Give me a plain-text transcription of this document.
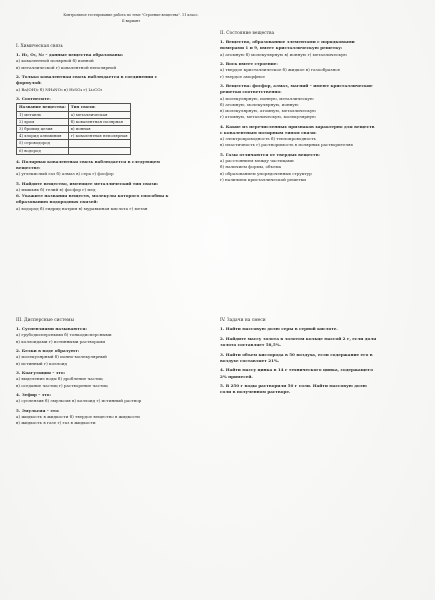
Контрольное тестирование работа по теме "Строение вещества". 11 класс.
II вариант

I. Химическая связь

1. H₂, O₃, N₂ – данные вещества образованы:

а) ковалентной полярной б) ионной

в) металлической г) ковалентной неполярной

2. Только ковалентная связь наблюдается в соединении с

формулой:

а) Ba(OH)₂ б) NH₄NO₃ в) H₂SO₄ г) Li₂CO₃

3. Соотнесите:

Название вещества:	Тип связи:
1) метанль	а) металлическая
2) хром	б) ковалентная полярная
3) бромид цезия	в) ионная
4) хлорид алюминия	г) ковалентная неполярная
5) сероводород	
6) водород	

4. Полярная ковалентная связь наблюдается в следующем

веществе:

а) углекислый газ б) алмаз в) сера г) фосфор

5. Найдите вещество, имеющее металлический тип связи:

а) мышьяк б) гелий в) фосфор г) мед

6. Укажите названия веществ, молекулы которого способны к

образованию водородных связей:

а) водород б) гидрид натрия в) муравьиная кислота г) метан

II. Состояние вещества

1. Вещество, образованное элементами с порядковыми

номерами 1 и 9, имеет кристаллическую решетку:

а) атомную б) молекулярную в) ионную г) металлическую

2. Воск имеет строение:

а) твердое кристаллическое б) жидкое в) газообразное

г) твердое аморфное

3. Вещества: фосфор, алмаз, магний – имеют кристаллические

решетки соответственно:

а) молекулярную, ионную, металлическую

б) атомную, молекулярную, ионную

в) молекулярную, атомную, металлическую

г) атомную, металлическую, молекулярную

4. Какие из перечисленных признаков характерно для веществ

с ковалентным полярным типом связи:

а) электропроводность б) теплопроводность

в) пластичность г) растворимость в полярных растворителях

5. Газы отличаются от твердых веществ:

а) расстоянием между частицами

б) наличием формы, объема

в) образованием упорядоченных структур

г) наличием кристаллической решетки

III. Дисперсные системы

1. Суспензиями называются:

а) грубодисперсными б) тонкодисперсными

в) коллоидами г) истинными растворами

2. Белки в воде образуют:

а) молекулярный б) ионно-молекулярный

в) истинный г) коллоид

3. Коагуляция – это:

а) выделение воды б) дробление частиц

в) оседание частиц г) растворение частиц

4. Зефир – это:

а) суспензия б) эмульсия в) коллоид г) истинный раствор

5. Эмульсия – это:

а) жидкость в жидкости б) твердое вещество в жидкости

в) жидкость в газе г) газ в жидкости

IV. Задачи на смеси

1. Найти массовую долю серы в серной кислоте.

2. Найдите массу золота в золотом кольце массой 2 г, если доля

золота составляет 58,5%.

3. Найти объем кислорода в 50 воздуха, если содержание его в

воздухе составляет 21%.

4. Найти массу цинка в 14 г технического цинка, содержащего

2% примесей.

5. В 250 г воды растворили 50 г соли. Найти массовую долю

соли в полученном растворе.
